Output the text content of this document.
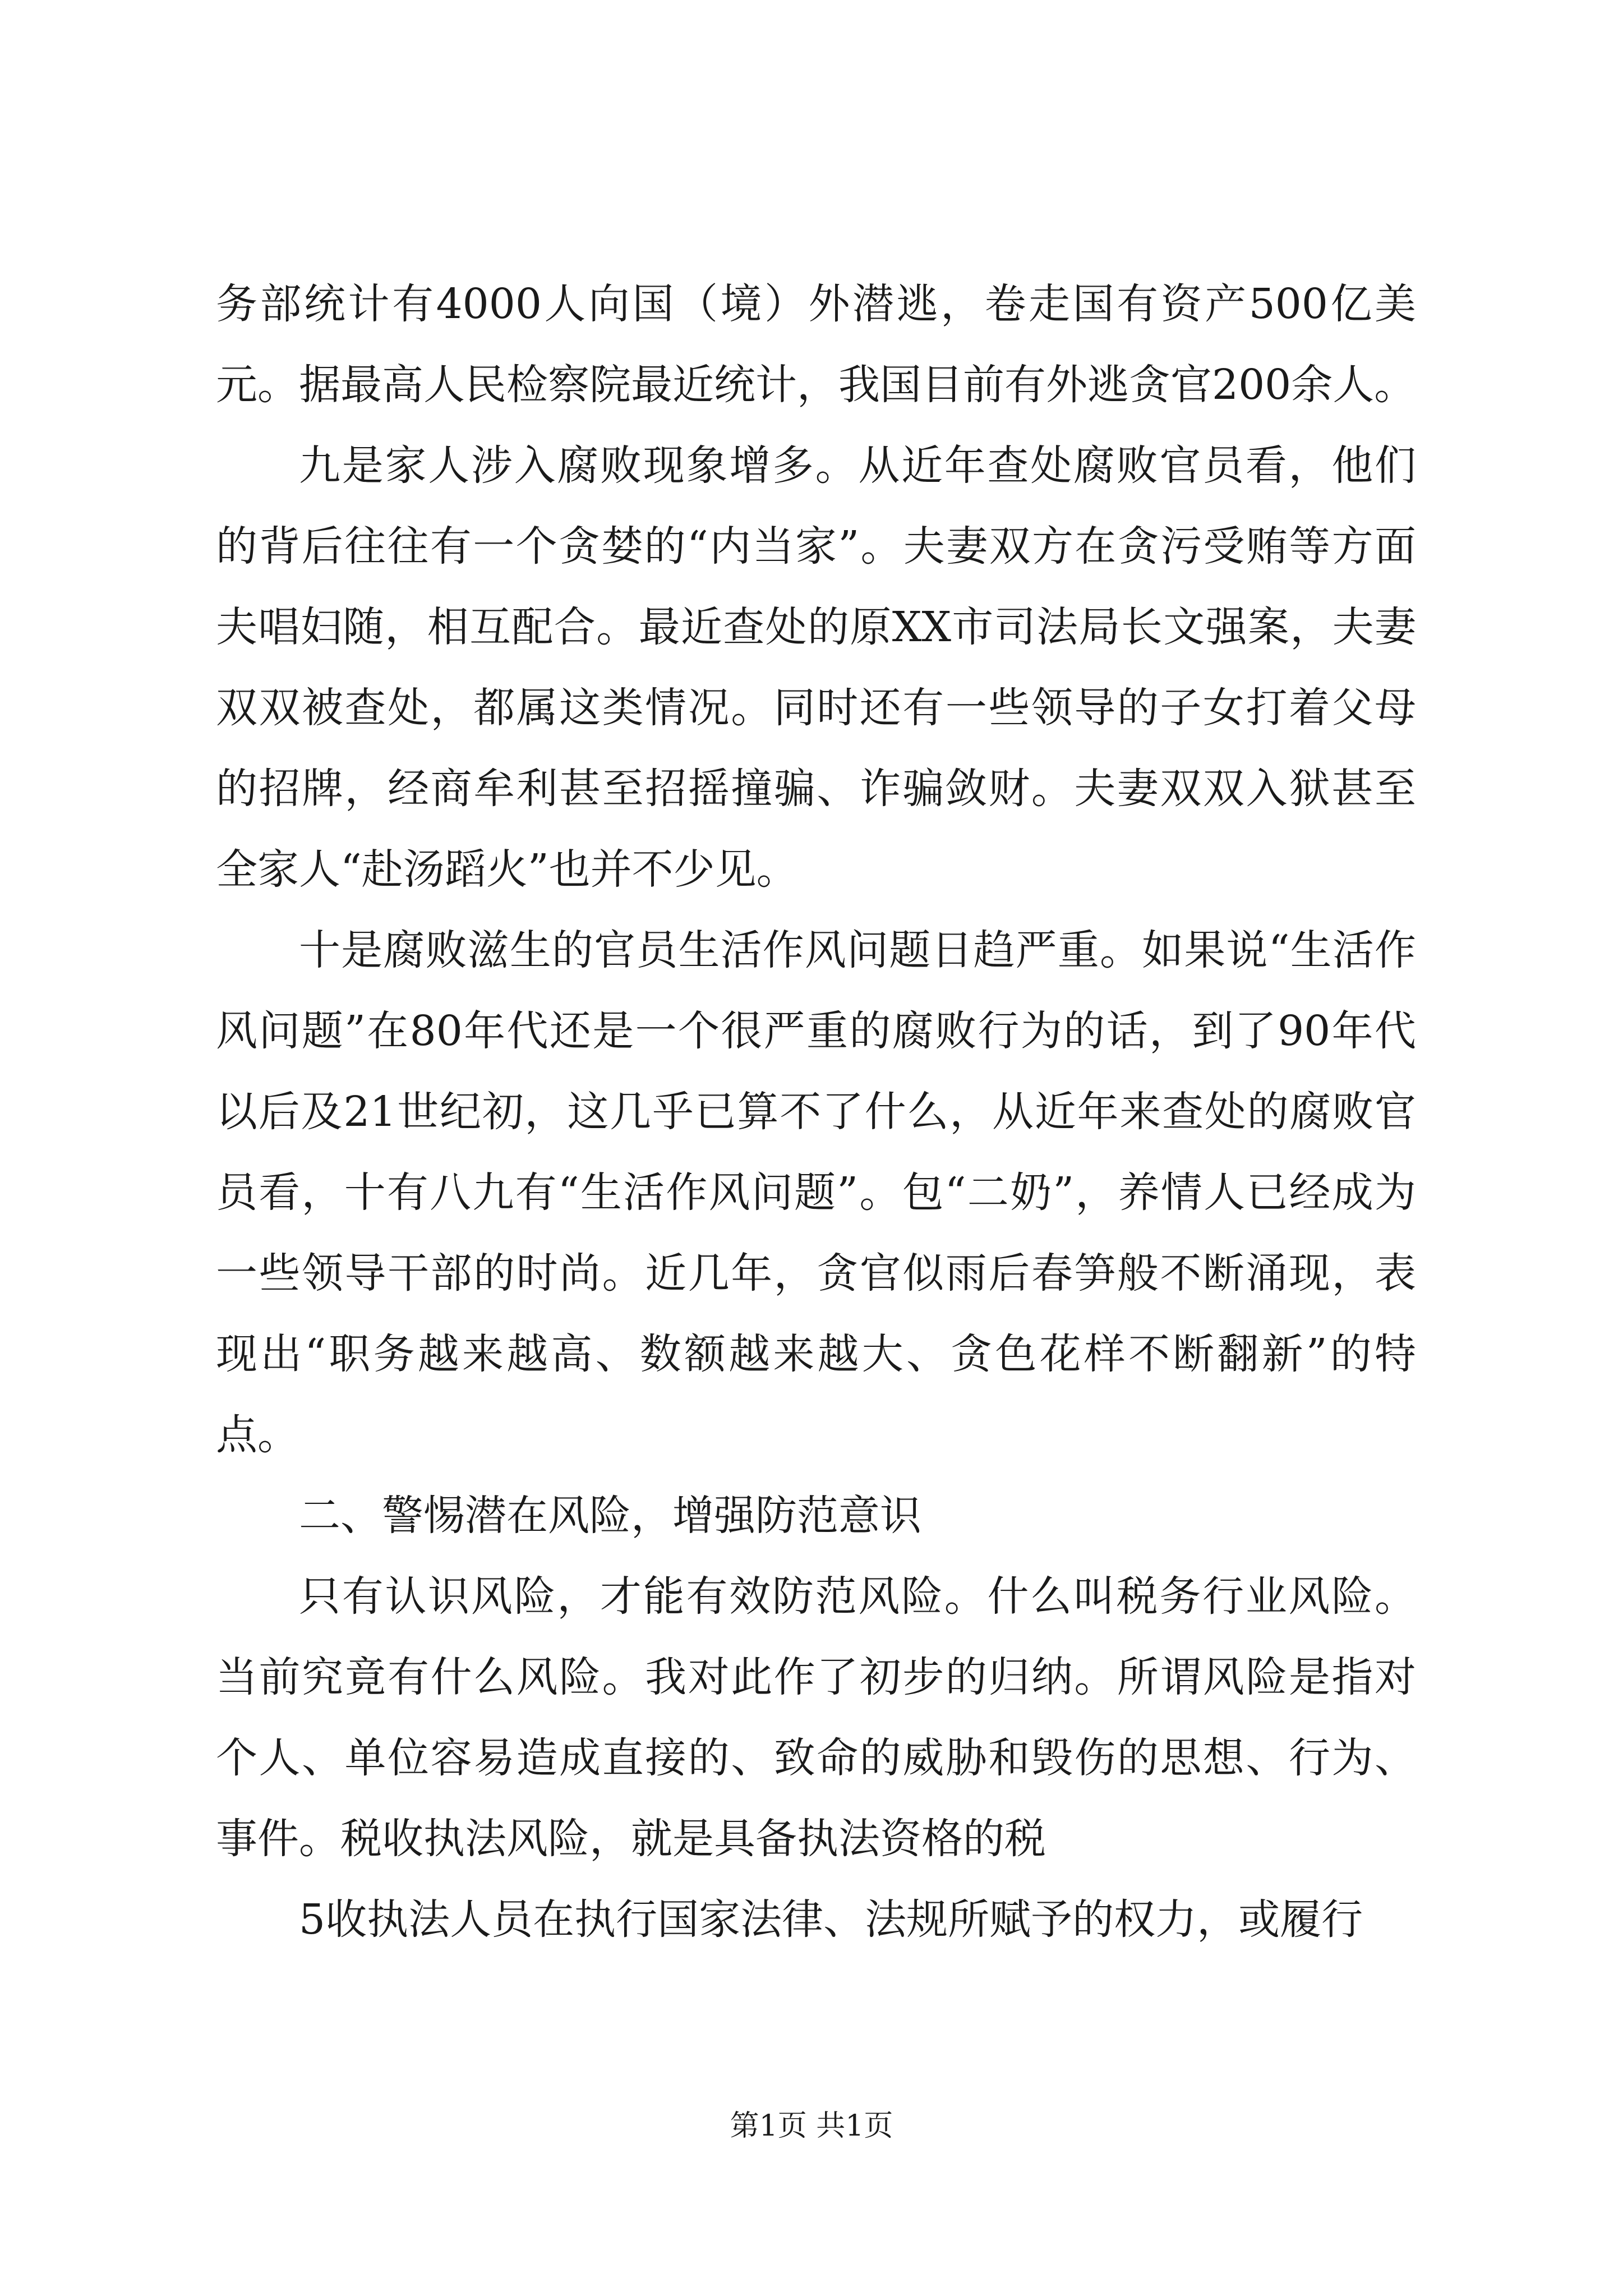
务部统计有4000人向国（境）外潜逃，卷走国有资产500亿美元。据最高人民检察院最近统计，我国目前有外逃贪官200余人。

九是家人涉入腐败现象增多。从近年查处腐败官员看，他们的背后往往有一个贪婪的“内当家”。夫妻双方在贪污受贿等方面夫唱妇随，相互配合。最近查处的原XX市司法局长文强案，夫妻双双被查处，都属这类情况。同时还有一些领导的子女打着父母的招牌，经商牟利甚至招摇撞骗、诈骗敛财。夫妻双双入狱甚至全家人“赴汤蹈火”也并不少见。

十是腐败滋生的官员生活作风问题日趋严重。如果说“生活作风问题”在80年代还是一个很严重的腐败行为的话，到了90年代以后及21世纪初，这几乎已算不了什么，从近年来查处的腐败官员看，十有八九有“生活作风问题”。包“二奶”，养情人已经成为一些领导干部的时尚。近几年，贪官似雨后春笋般不断涌现，表现出“职务越来越高、数额越来越大、贪色花样不断翻新”的特点。

二、警惕潜在风险，增强防范意识

只有认识风险，才能有效防范风险。什么叫税务行业风险。当前究竟有什么风险。我对此作了初步的归纳。所谓风险是指对个人、单位容易造成直接的、致命的威胁和毁伤的思想、行为、事件。税收执法风险，就是具备执法资格的税

5收执法人员在执行国家法律、法规所赋予的权力，或履行

第1页 共1页
